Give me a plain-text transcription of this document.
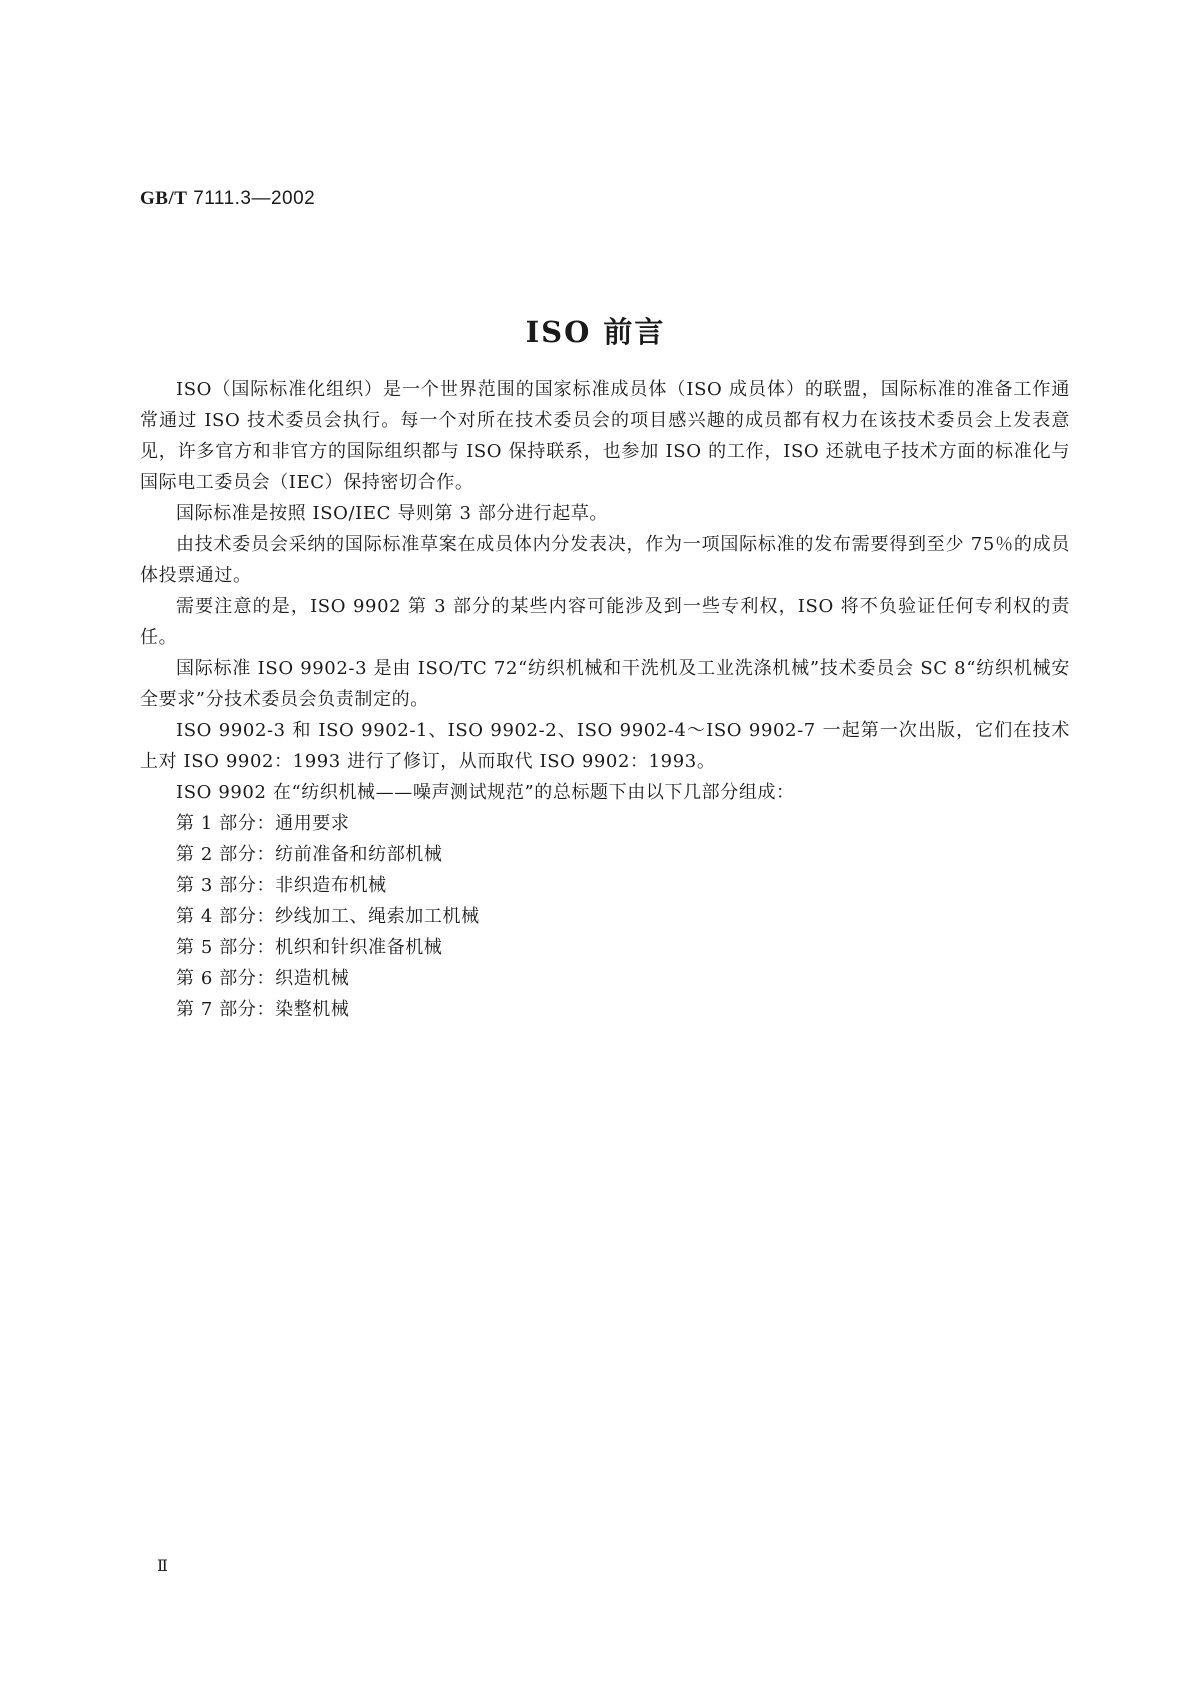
GB/T 7111.3—2002
ISO 前言

ISO（国际标准化组织）是一个世界范围的国家标准成员体（ISO 成员体）的联盟，国际标准的准备工作通常通过 ISO 技术委员会执行。每一个对所在技术委员会的项目感兴趣的成员都有权力在该技术委员会上发表意见，许多官方和非官方的国际组织都与 ISO 保持联系，也参加 ISO 的工作，ISO 还就电子技术方面的标准化与国际电工委员会（IEC）保持密切合作。

国际标准是按照 ISO/IEC 导则第 3 部分进行起草。

由技术委员会采纳的国际标准草案在成员体内分发表决，作为一项国际标准的发布需要得到至少 75％的成员体投票通过。

需要注意的是，ISO 9902 第 3 部分的某些内容可能涉及到一些专利权，ISO 将不负验证任何专利权的责任。

国际标准 ISO 9902-3 是由 ISO/TC 72“纺织机械和干洗机及工业洗涤机械”技术委员会 SC 8“纺织机械安全要求”分技术委员会负责制定的。

ISO 9902-3 和 ISO 9902-1、ISO 9902-2、ISO 9902-4～ISO 9902-7 一起第一次出版，它们在技术上对 ISO 9902：1993 进行了修订，从而取代 ISO 9902：1993。

ISO 9902 在“纺织机械——噪声测试规范”的总标题下由以下几部分组成：

第 1 部分：通用要求

第 2 部分：纺前准备和纺部机械

第 3 部分：非织造布机械

第 4 部分：纱线加工、绳索加工机械

第 5 部分：机织和针织准备机械

第 6 部分：织造机械

第 7 部分：染整机械

Ⅱ
